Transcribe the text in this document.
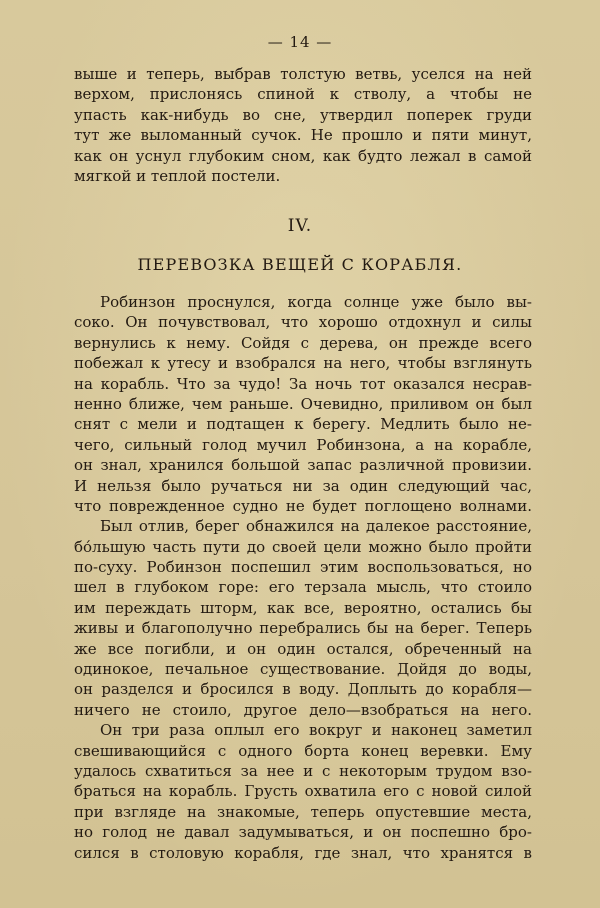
— 14 —
выше и теперь, выбрав толстую ветвь, уселся на ней
верхом, прислонясь спиной к стволу, а чтобы не
упасть как-нибудь во сне, утвердил поперек груди
тут же выломанный сучок. Не прошло и пяти минут,
как он уснул глубоким сном, как будто лежал в самой
мягкой и теплой постели.
IV.
ПЕРЕВОЗКА ВЕЩЕЙ С КОРАБЛЯ.
Робинзон проснулся, когда солнце уже было вы-
соко. Он почувствовал, что хорошо отдохнул и силы
вернулись к нему. Сойдя с дерева, он прежде всего
побежал к утесу и взобрался на него, чтобы взглянуть
на корабль. Что за чудо! За ночь тот оказался несрав-
ненно ближе, чем раньше. Очевидно, приливом он был
снят с мели и подтащен к берегу. Медлить было не-
чего, сильный голод мучил Робинзона, а на корабле,
он знал, хранился большой запас различной провизии.
И нельзя было ручаться ни за один следующий час,
что поврежденное судно не будет поглощено волнами.
Был отлив, берег обнажился на далекое расстояние,
бо́льшую часть пути до своей цели можно было пройти
по-суху. Робинзон поспешил этим воспользоваться, но
шел в глубоком горе: его терзала мысль, что стоило
им переждать шторм, как все, вероятно, остались бы
живы и благополучно перебрались бы на берег. Теперь
же все погибли, и он один остался, обреченный на
одинокое, печальное существование. Дойдя до воды,
он разделся и бросился в воду. Доплыть до корабля—
ничего не стоило, другое дело—взобраться на него.
Он три раза оплыл его вокруг и наконец заметил
свешивающийся с одного борта конец веревки. Ему
удалось схватиться за нее и с некоторым трудом взо-
браться на корабль. Грусть охватила его с новой силой
при взгляде на знакомые, теперь опустевшие места,
но голод не давал задумываться, и он поспешно бро-
сился в столовую корабля, где знал, что хранятся в
